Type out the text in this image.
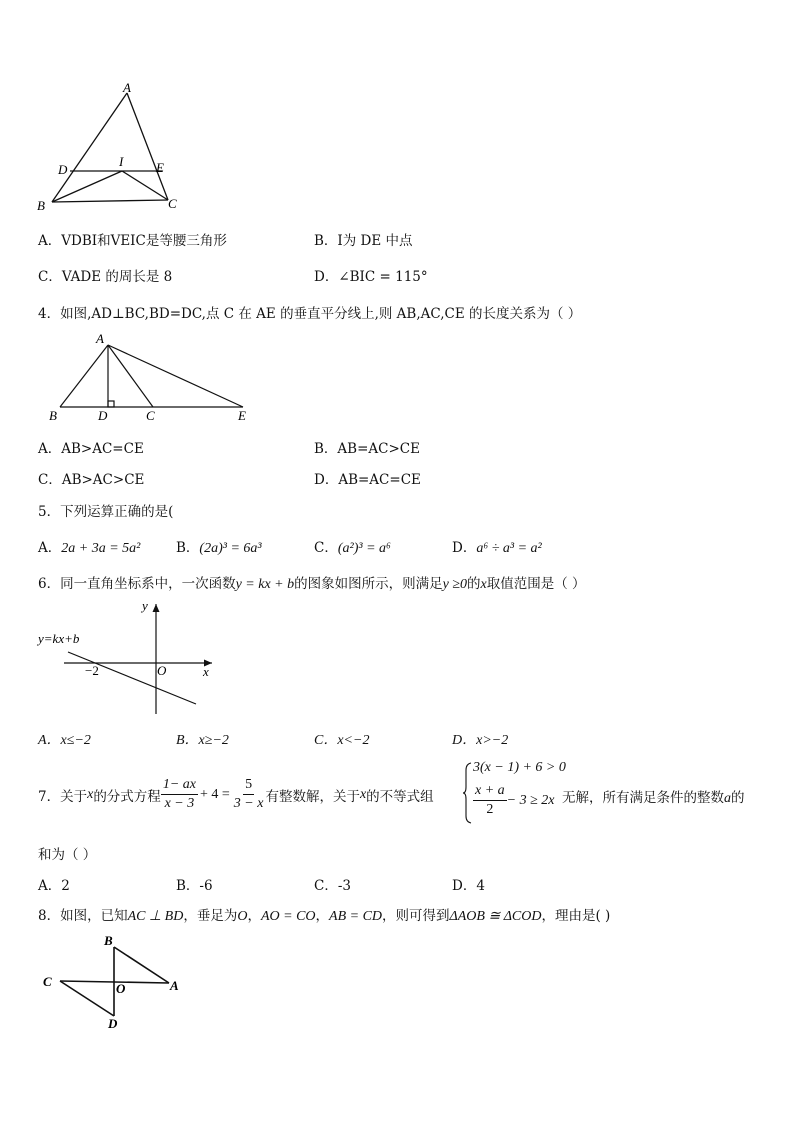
A
D
I	E
B	C
A．VDBI和VEIC是等腰三角形	B．I为 DE 中点
C．VADE 的周长是 8	D．∠BIC = 115°
4．如图,AD⊥BC,BD=DC,点 C 在 AE 的垂直平分线上,则 AB,AC,CE 的长度关系为（ ）
A
B	D	C	E
A．AB>AC=CE	B．AB=AC>CE
C．AB>AC>CE	D．AB=AC=CE
5．下列运算正确的是(
A．2a + 3a = 5a²	B．(2a)³ = 6a³	C．(a²)³ = a⁶	D．a⁶ ÷ a³ = a²
6．同一直角坐标系中，一次函数y = kx + b的图象如图所示，则满足y ≥0的x取值范围是（ ）
y
x
O
−2
y=kx+b
A．x≤−2	B．x≥−2	C．x<−2	D．x>−2
7．关于 x 的分式方程 $\frac{1- ax}{x - 3} + 4 = \frac{5}{3 - x}$ 有整数解，关于 x 的不等式组
3(x − 1) + 6 > 0
$\frac{x + a}{2} - 3 \ge 2x$ 无解，所有满足条件的整数a的
和为（ ）
A．2	B．-6	C．-3	D．4
8．如图，已知AC ⊥ BD，垂足为O，AO = CO，AB = CD，则可得到ΔAOB ≅ ΔCOD，理由是( )
B
C	O	A
D
